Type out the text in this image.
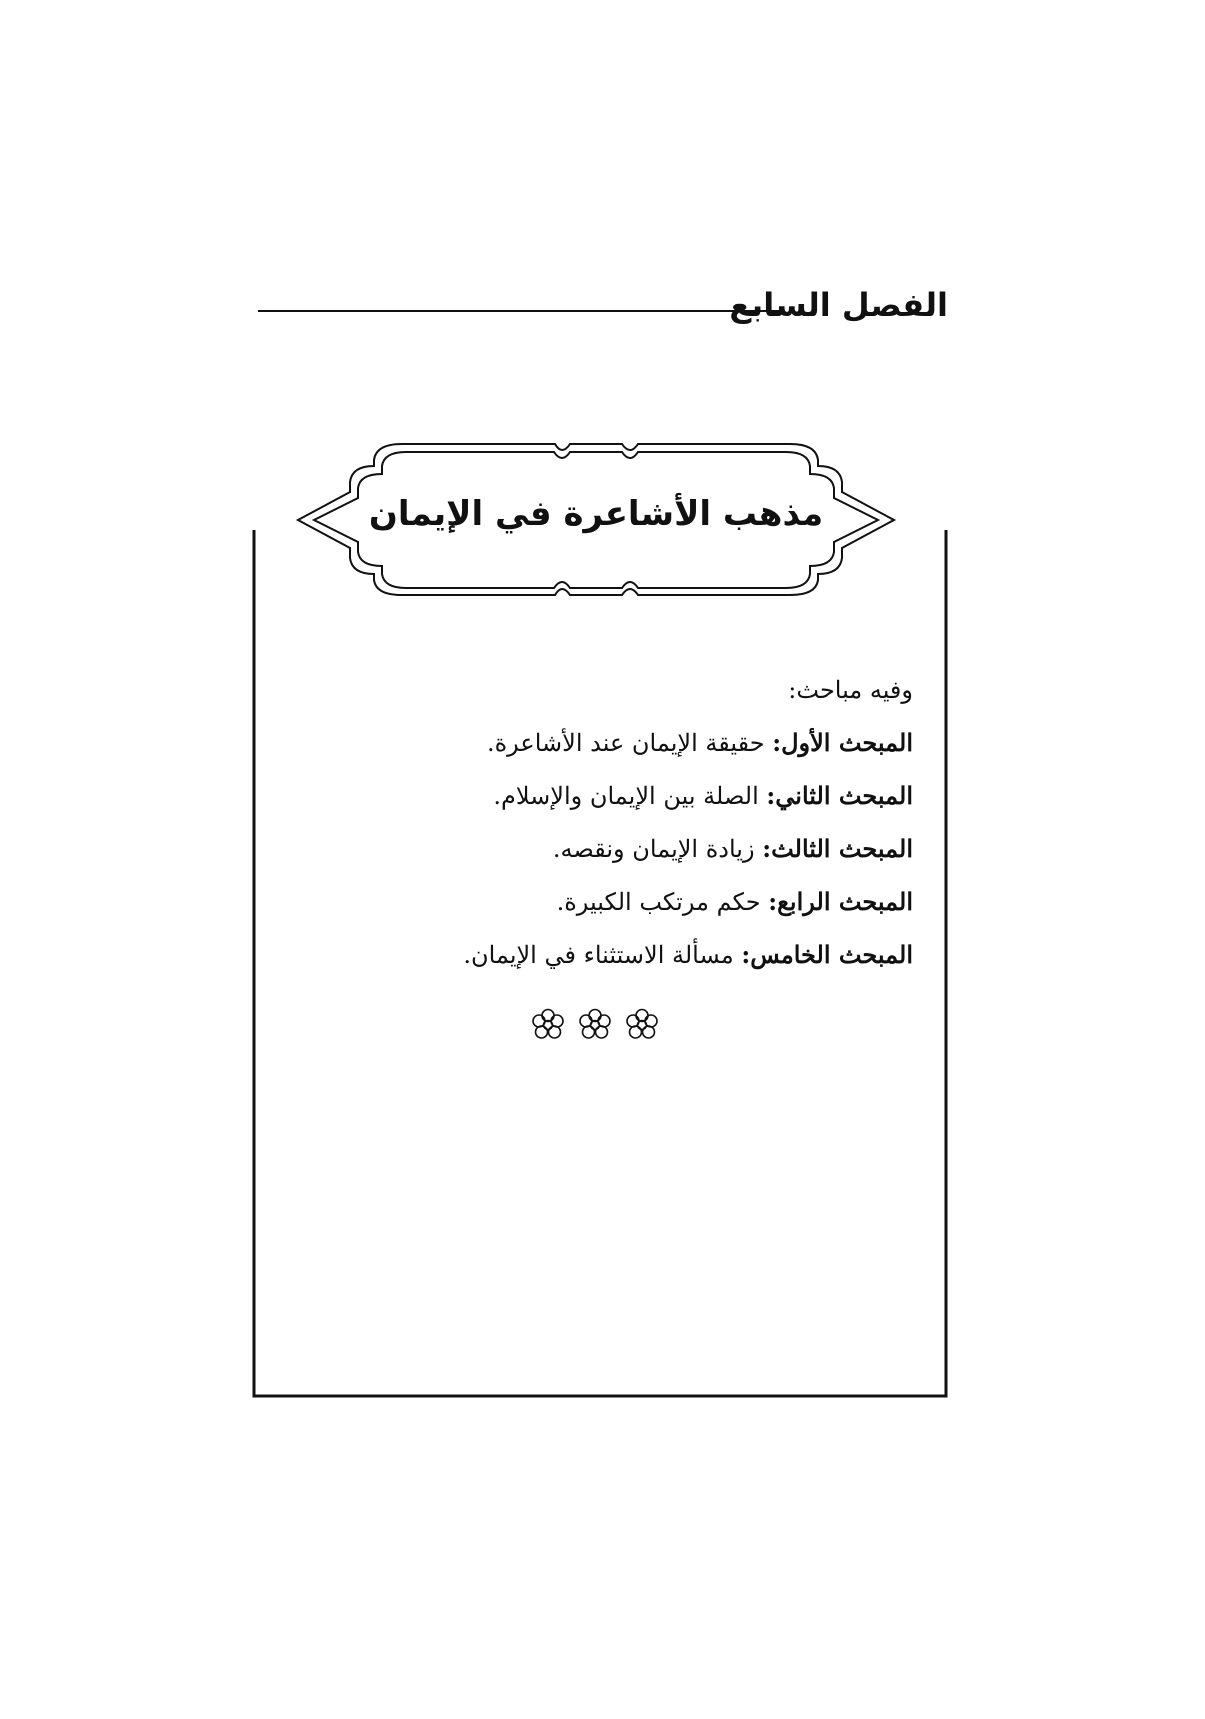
الفصل السابع
مذهب الأشاعرة في الإيمان
وفيه مباحث:
المبحث الأول: حقيقة الإيمان عند الأشاعرة.
المبحث الثاني: الصلة بين الإيمان والإسلام.
المبحث الثالث: زيادة الإيمان ونقصه.
المبحث الرابع: حكم مرتكب الكبيرة.
المبحث الخامس: مسألة الاستثناء في الإيمان.
